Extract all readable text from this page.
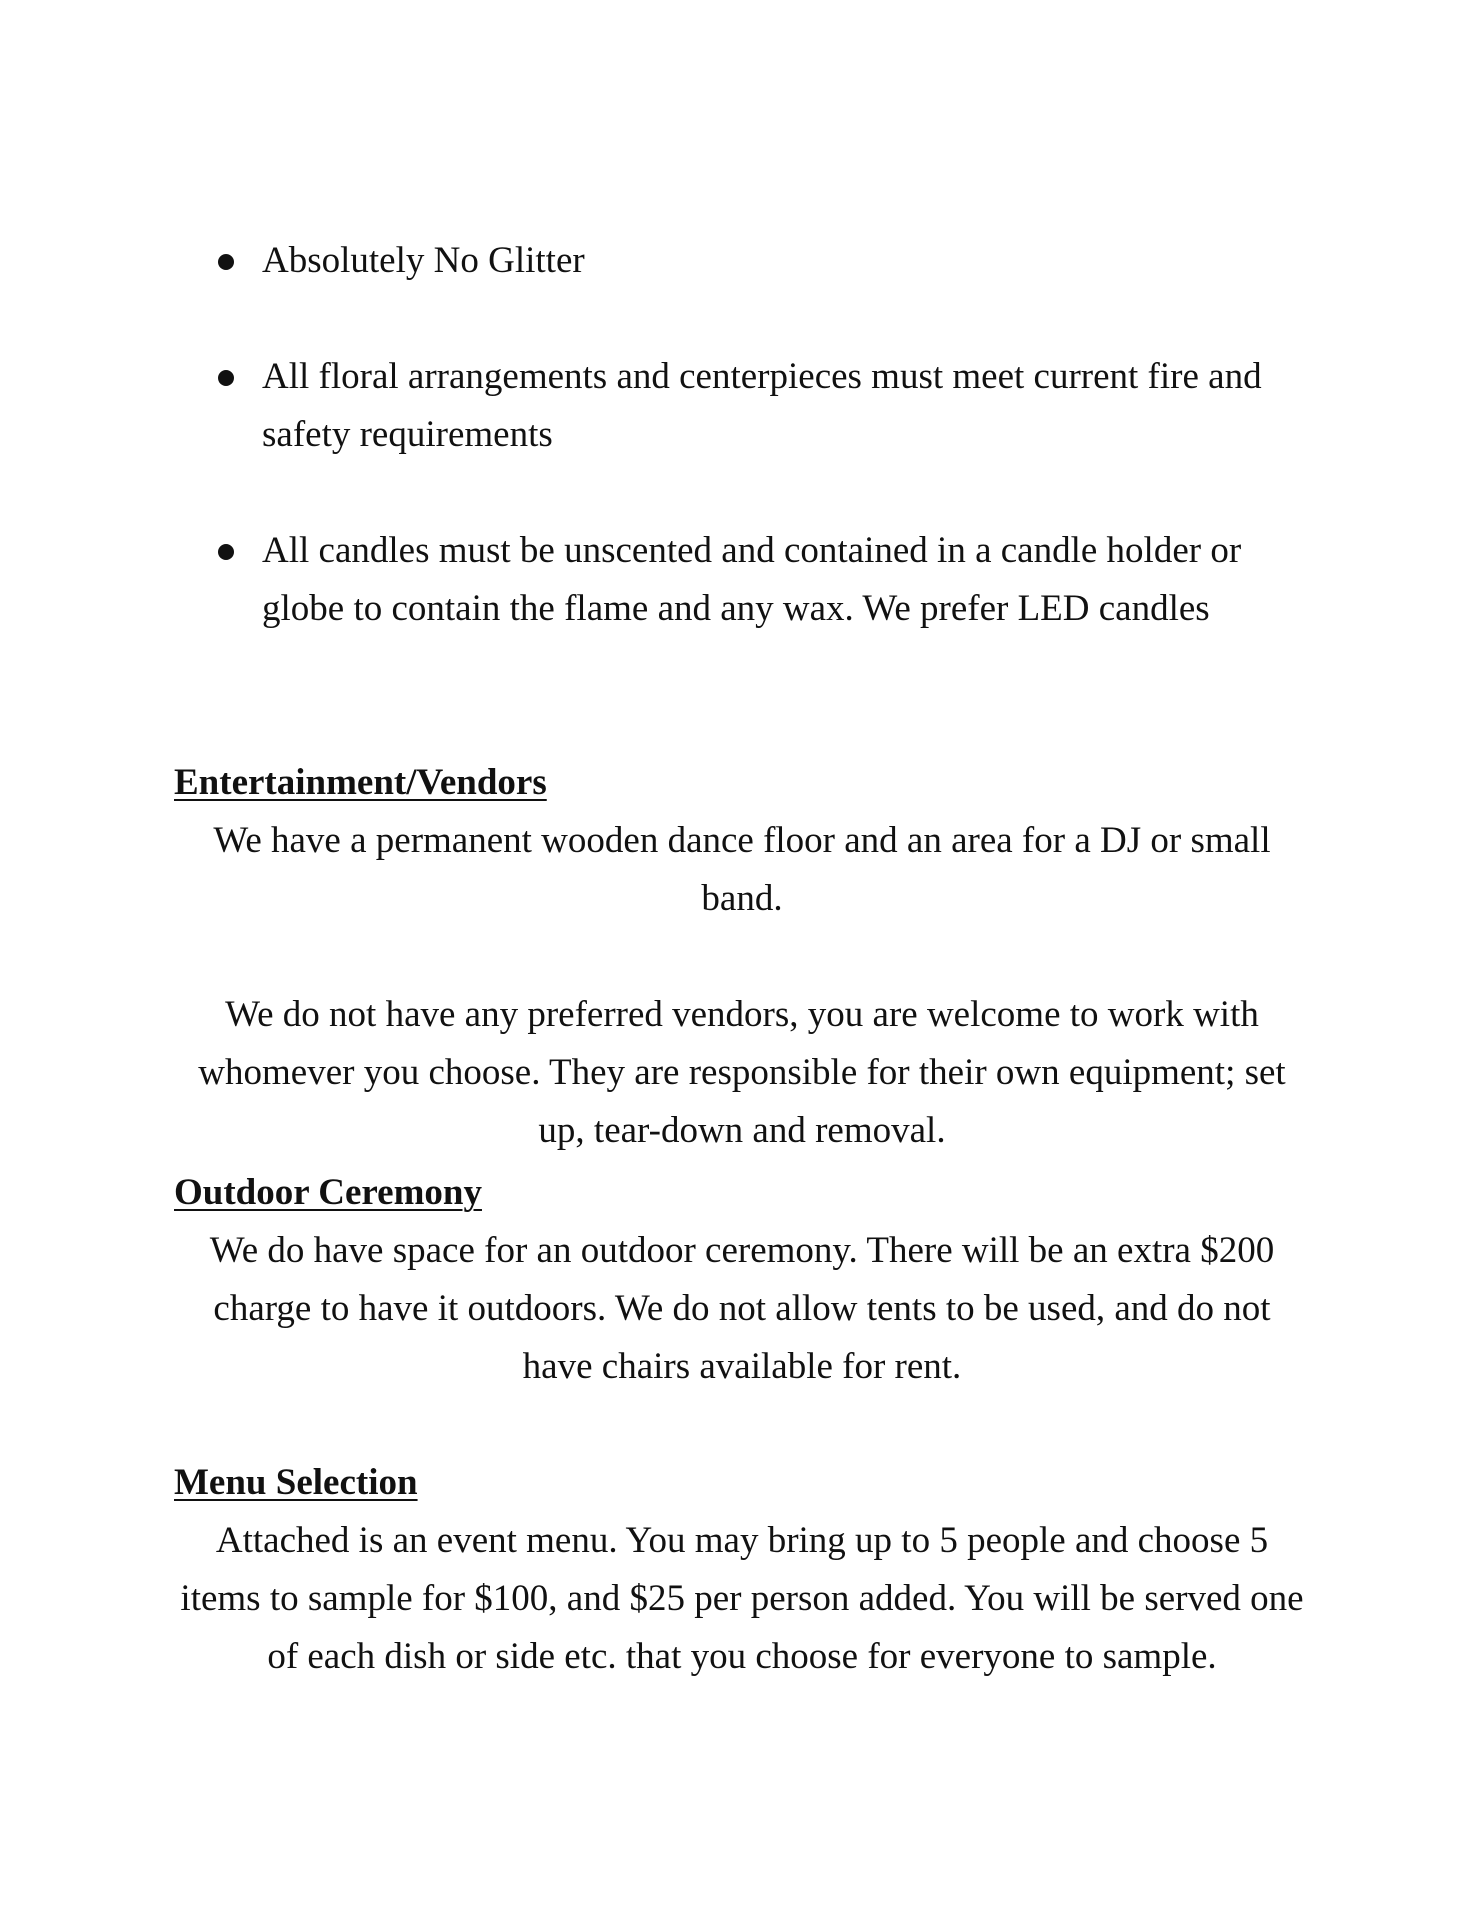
Absolutely No Glitter
All floral arrangements and centerpieces must meet current fire and safety requirements
All candles must be unscented and contained in a candle holder or globe to contain the flame and any wax. We prefer LED candles
Entertainment/Vendors

We have a permanent wooden dance floor and an area for a DJ or small band.

We do not have any preferred vendors, you are welcome to work with whomever you choose. They are responsible for their own equipment; set up, tear-down and removal.

Outdoor Ceremony

We do have space for an outdoor ceremony. There will be an extra $200 charge to have it outdoors. We do not allow tents to be used, and do not have chairs available for rent.

Menu Selection

Attached is an event menu. You may bring up to 5 people and choose 5 items to sample for $100, and $25 per person added. You will be served one of each dish or side etc. that you choose for everyone to sample.
